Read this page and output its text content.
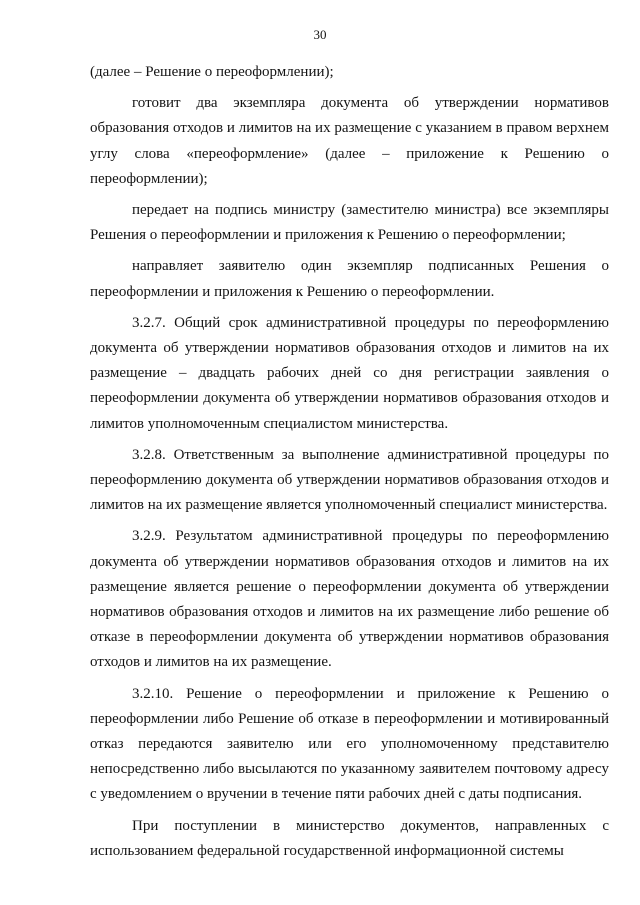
30

(далее – Решение о переоформлении);

готовит два экземпляра документа об утверждении нормативов образования отходов и лимитов на их размещение с указанием в правом верхнем углу слова «переоформление» (далее – приложение к Решению о переоформлении);

передает на подпись министру (заместителю министра) все экземпляры Решения о переоформлении и приложения к Решению о переоформлении;

направляет заявителю один экземпляр подписанных Решения о переоформлении и приложения к Решению о переоформлении.

3.2.7. Общий срок административной процедуры по переоформлению документа об утверждении нормативов образования отходов и лимитов на их размещение – двадцать рабочих дней со дня регистрации заявления о переоформлении документа об утверждении нормативов образования отходов и лимитов уполномоченным специалистом министерства.

3.2.8. Ответственным за выполнение административной процедуры по переоформлению документа об утверждении нормативов образования отходов и лимитов на их размещение является уполномоченный специалист министерства.

3.2.9. Результатом административной процедуры по переоформлению документа об утверждении нормативов образования отходов и лимитов на их размещение является решение о переоформлении документа об утверждении нормативов образования отходов и лимитов на их размещение либо решение об отказе в переоформлении документа об утверждении нормативов образования отходов и лимитов на их размещение.

3.2.10. Решение о переоформлении и приложение к Решению о переоформлении либо Решение об отказе в переоформлении и мотивированный отказ передаются заявителю или его уполномоченному представителю непосредственно либо высылаются по указанному заявителем почтовому адресу с уведомлением о вручении в течение пяти рабочих дней с даты подписания.

При поступлении в министерство документов, направленных с использованием федеральной государственной информационной системы
